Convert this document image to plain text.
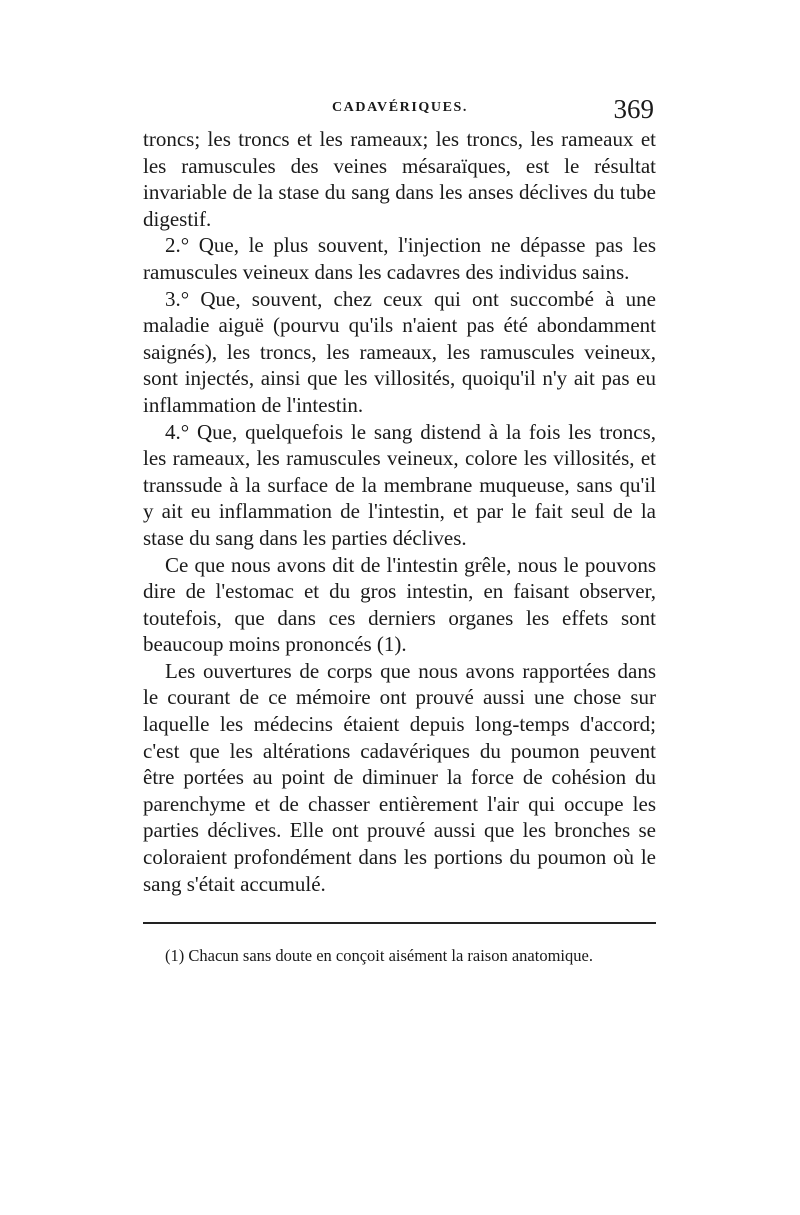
CADAVÉRIQUES.	369

troncs; les troncs et les rameaux; les troncs, les rameaux et les ramuscules des veines mésaraïques, est le résultat invariable de la stase du sang dans les anses déclives du tube digestif.

2.° Que, le plus souvent, l'injection ne dépasse pas les ramuscules veineux dans les cadavres des individus sains.

3.° Que, souvent, chez ceux qui ont succombé à une maladie aiguë (pourvu qu'ils n'aient pas été abondamment saignés), les troncs, les rameaux, les ramuscules veineux, sont injectés, ainsi que les villosités, quoiqu'il n'y ait pas eu inflammation de l'intestin.

4.° Que, quelquefois le sang distend à la fois les troncs, les rameaux, les ramuscules veineux, colore les villosités, et transsude à la surface de la membrane muqueuse, sans qu'il y ait eu inflammation de l'intestin, et par le fait seul de la stase du sang dans les parties déclives.

Ce que nous avons dit de l'intestin grêle, nous le pouvons dire de l'estomac et du gros intestin, en faisant observer, toutefois, que dans ces derniers organes les effets sont beaucoup moins prononcés (1).

Les ouvertures de corps que nous avons rapportées dans le courant de ce mémoire ont prouvé aussi une chose sur laquelle les médecins étaient depuis long-temps d'accord; c'est que les altérations cadavériques du poumon peuvent être portées au point de diminuer la force de cohésion du parenchyme et de chasser entièrement l'air qui occupe les parties déclives. Elle ont prouvé aussi que les bronches se coloraient profondément dans les portions du poumon où le sang s'était accumulé.

(1) Chacun sans doute en conçoit aisément la raison anatomique.
